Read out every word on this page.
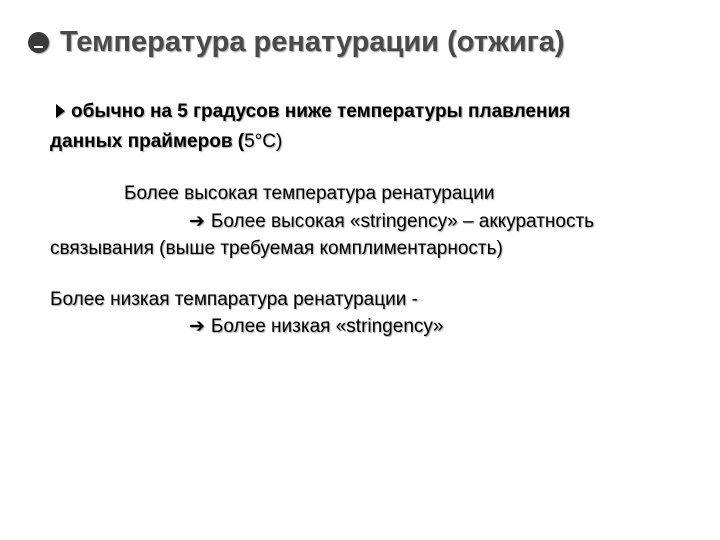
Температура ренатурации (отжига)
обычно на 5 градусов ниже температуры плавления
данных праймеров (5°C)
Более высокая температура ренатурации
➔ Более высокая «stringency» – аккуратность
связывания (выше требуемая комплиментарность)
Более низкая темпаратура ренатурации -
➔ Более низкая «stringency»
